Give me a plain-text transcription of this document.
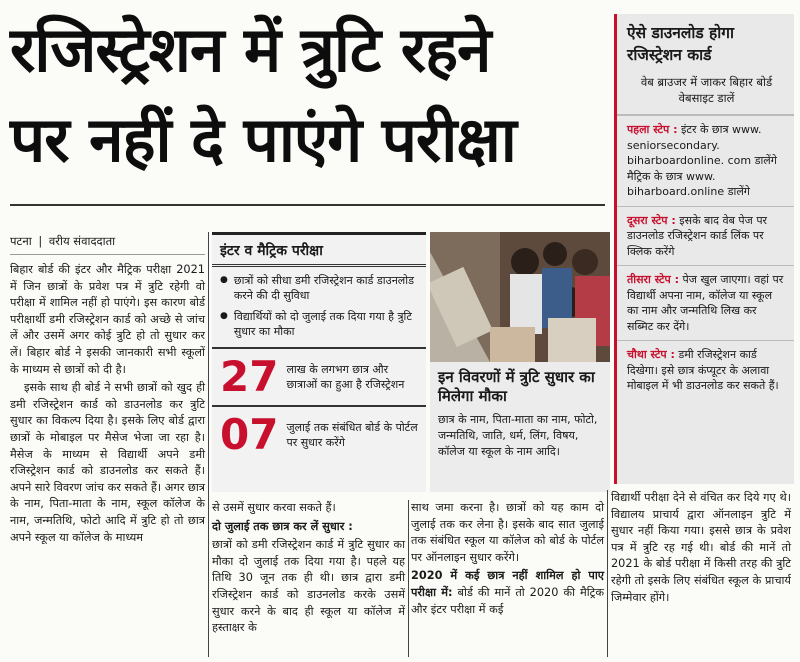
रजिस्ट्रेशन में त्रुटि रहने
पर नहीं दे पाएंगे परीक्षा
पटना | वरीय संवाददाता

बिहार बोर्ड की इंटर और मैट्रिक परीक्षा 2021 में जिन छात्रों के प्रवेश पत्र में त्रुटि रहेगी वो परीक्षा में शामिल नहीं हो पाएंगे। इस कारण बोर्ड परीक्षार्थी डमी रजिस्ट्रेशन कार्ड को अच्छे से जांच लें और उसमें अगर कोई त्रुटि हो तो सुधार कर लें। बिहार बोर्ड ने इसकी जानकारी सभी स्कूलों के माध्यम से छात्रों को दी है।

इसके साथ ही बोर्ड ने सभी छात्रों को खुद ही डमी रजिस्ट्रेशन कार्ड को डाउनलोड कर त्रुटि सुधार का विकल्प दिया है। इसके लिए बोर्ड द्वारा छात्रों के मोबाइल पर मैसेज भेजा जा रहा है। मैसेज के माध्यम से विद्यार्थी अपने डमी रजिस्ट्रेशन कार्ड को डाउनलोड कर सकते हैं। अपने सारे विवरण जांच कर सकते हैं। अगर छात्र के नाम, पिता-माता के नाम, स्कूल कॉलेज के नाम, जन्मतिथि, फोटो आदि में त्रुटि हो तो छात्र अपने स्कूल या कॉलेज के माध्यम

इंटर व मैट्रिक परीक्षा
● छात्रों को सीधा डमी रजिस्ट्रेशन कार्ड डाउनलोड करने की दी सुविधा
● विद्यार्थियों को दो जुलाई तक दिया गया है त्रुटि सुधार का मौका
27 लाख के लगभग छात्र और छात्राओं का हुआ है रजिस्ट्रेशन
07 जुलाई तक संबंधित बोर्ड के पोर्टल पर सुधार करेंगे
इन विवरणों में त्रुटि सुधार का मिलेगा मौका
छात्र के नाम, पिता-माता का नाम, फोटो, जन्मतिथि, जाति, धर्म, लिंग, विषय, कॉलेज या स्कूल के नाम आदि।

से उसमें सुधार करवा सकते हैं।

दो जुलाई तक छात्र कर लें सुधार :

छात्रों को डमी रजिस्ट्रेशन कार्ड में त्रुटि सुधार का मौका दो जुलाई तक दिया गया है। पहले यह तिथि 30 जून तक ही थी। छात्र द्वारा डमी रजिस्ट्रेशन कार्ड को डाउनलोड करके उसमें सुधार करने के बाद ही स्कूल या कॉलेज में हस्ताक्षर के

साथ जमा करना है। छात्रों को यह काम दो जुलाई तक कर लेना है। इसके बाद सात जुलाई तक संबंधित स्कूल या कॉलेज को बोर्ड के पोर्टल पर ऑनलाइन सुधार करेंगे।

2020 में कई छात्र नहीं शामिल हो पाए परीक्षा में: बोर्ड की मानें तो 2020 की मैट्रिक और इंटर परीक्षा में कई

विद्यार्थी परीक्षा देने से वंचित कर दिये गए थे। विद्यालय प्राचार्य द्वारा ऑनलाइन त्रुटि में सुधार नहीं किया गया। इससे छात्र के प्रवेश पत्र में त्रुटि रह गई थी। बोर्ड की मानें तो 2021 के बोर्ड परीक्षा में किसी तरह की त्रुटि रहेगी तो इसके लिए संबंधित स्कूल के प्राचार्य जिम्मेवार होंगे।

ऐसे डाउनलोड होगा रजिस्ट्रेशन कार्ड
वेब ब्राउजर में जाकर बिहार बोर्ड वेबसाइट डालें
पहला स्टेप : इंटर के छात्र www. seniorsecondary. biharboardonline. com डालेंगे मैट्रिक के छात्र www. biharboard.online डालेंगे
दूसरा स्टेप : इसके बाद वेब पेज पर डाउनलोड रजिस्ट्रेशन कार्ड लिंक पर क्लिक करेंगे
तीसरा स्टेप : पेज खुल जाएगा। वहां पर विद्यार्थी अपना नाम, कॉलेज या स्कूल का नाम और जन्मतिथि लिख कर सब्मिट कर देंगे।
चौथा स्टेप : डमी रजिस्ट्रेशन कार्ड दिखेगा। इसे छात्र कंप्यूटर के अलावा मोबाइल में भी डाउनलोड कर सकते हैं।
